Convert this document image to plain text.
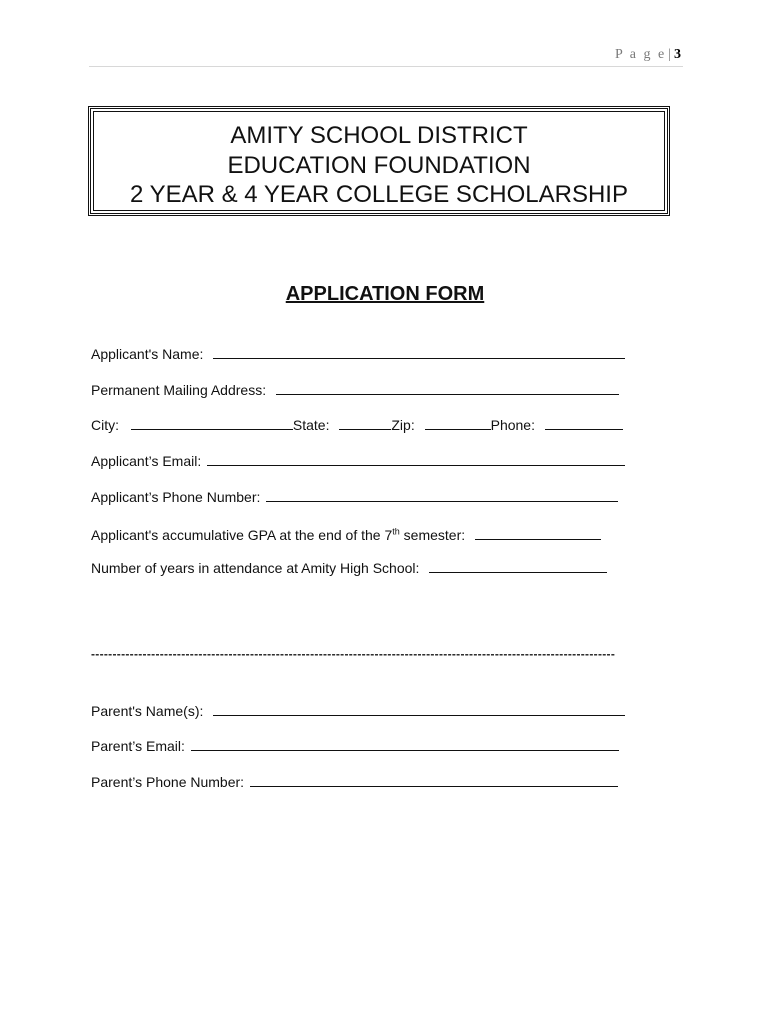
P a g e | 3
AMITY SCHOOL DISTRICT
EDUCATION FOUNDATION
2 YEAR & 4 YEAR COLLEGE SCHOLARSHIP
APPLICATION FORM
Applicant's Name:
Permanent Mailing Address:
City:	State:	Zip:	Phone:
Applicant’s Email:
Applicant’s Phone Number:
Applicant's accumulative GPA at the end of the 7th semester:
Number of years in attendance at Amity High School:
--------------------------------------------------------------------------------------------------------------------------
Parent's Name(s):
Parent’s Email:
Parent’s Phone Number:
